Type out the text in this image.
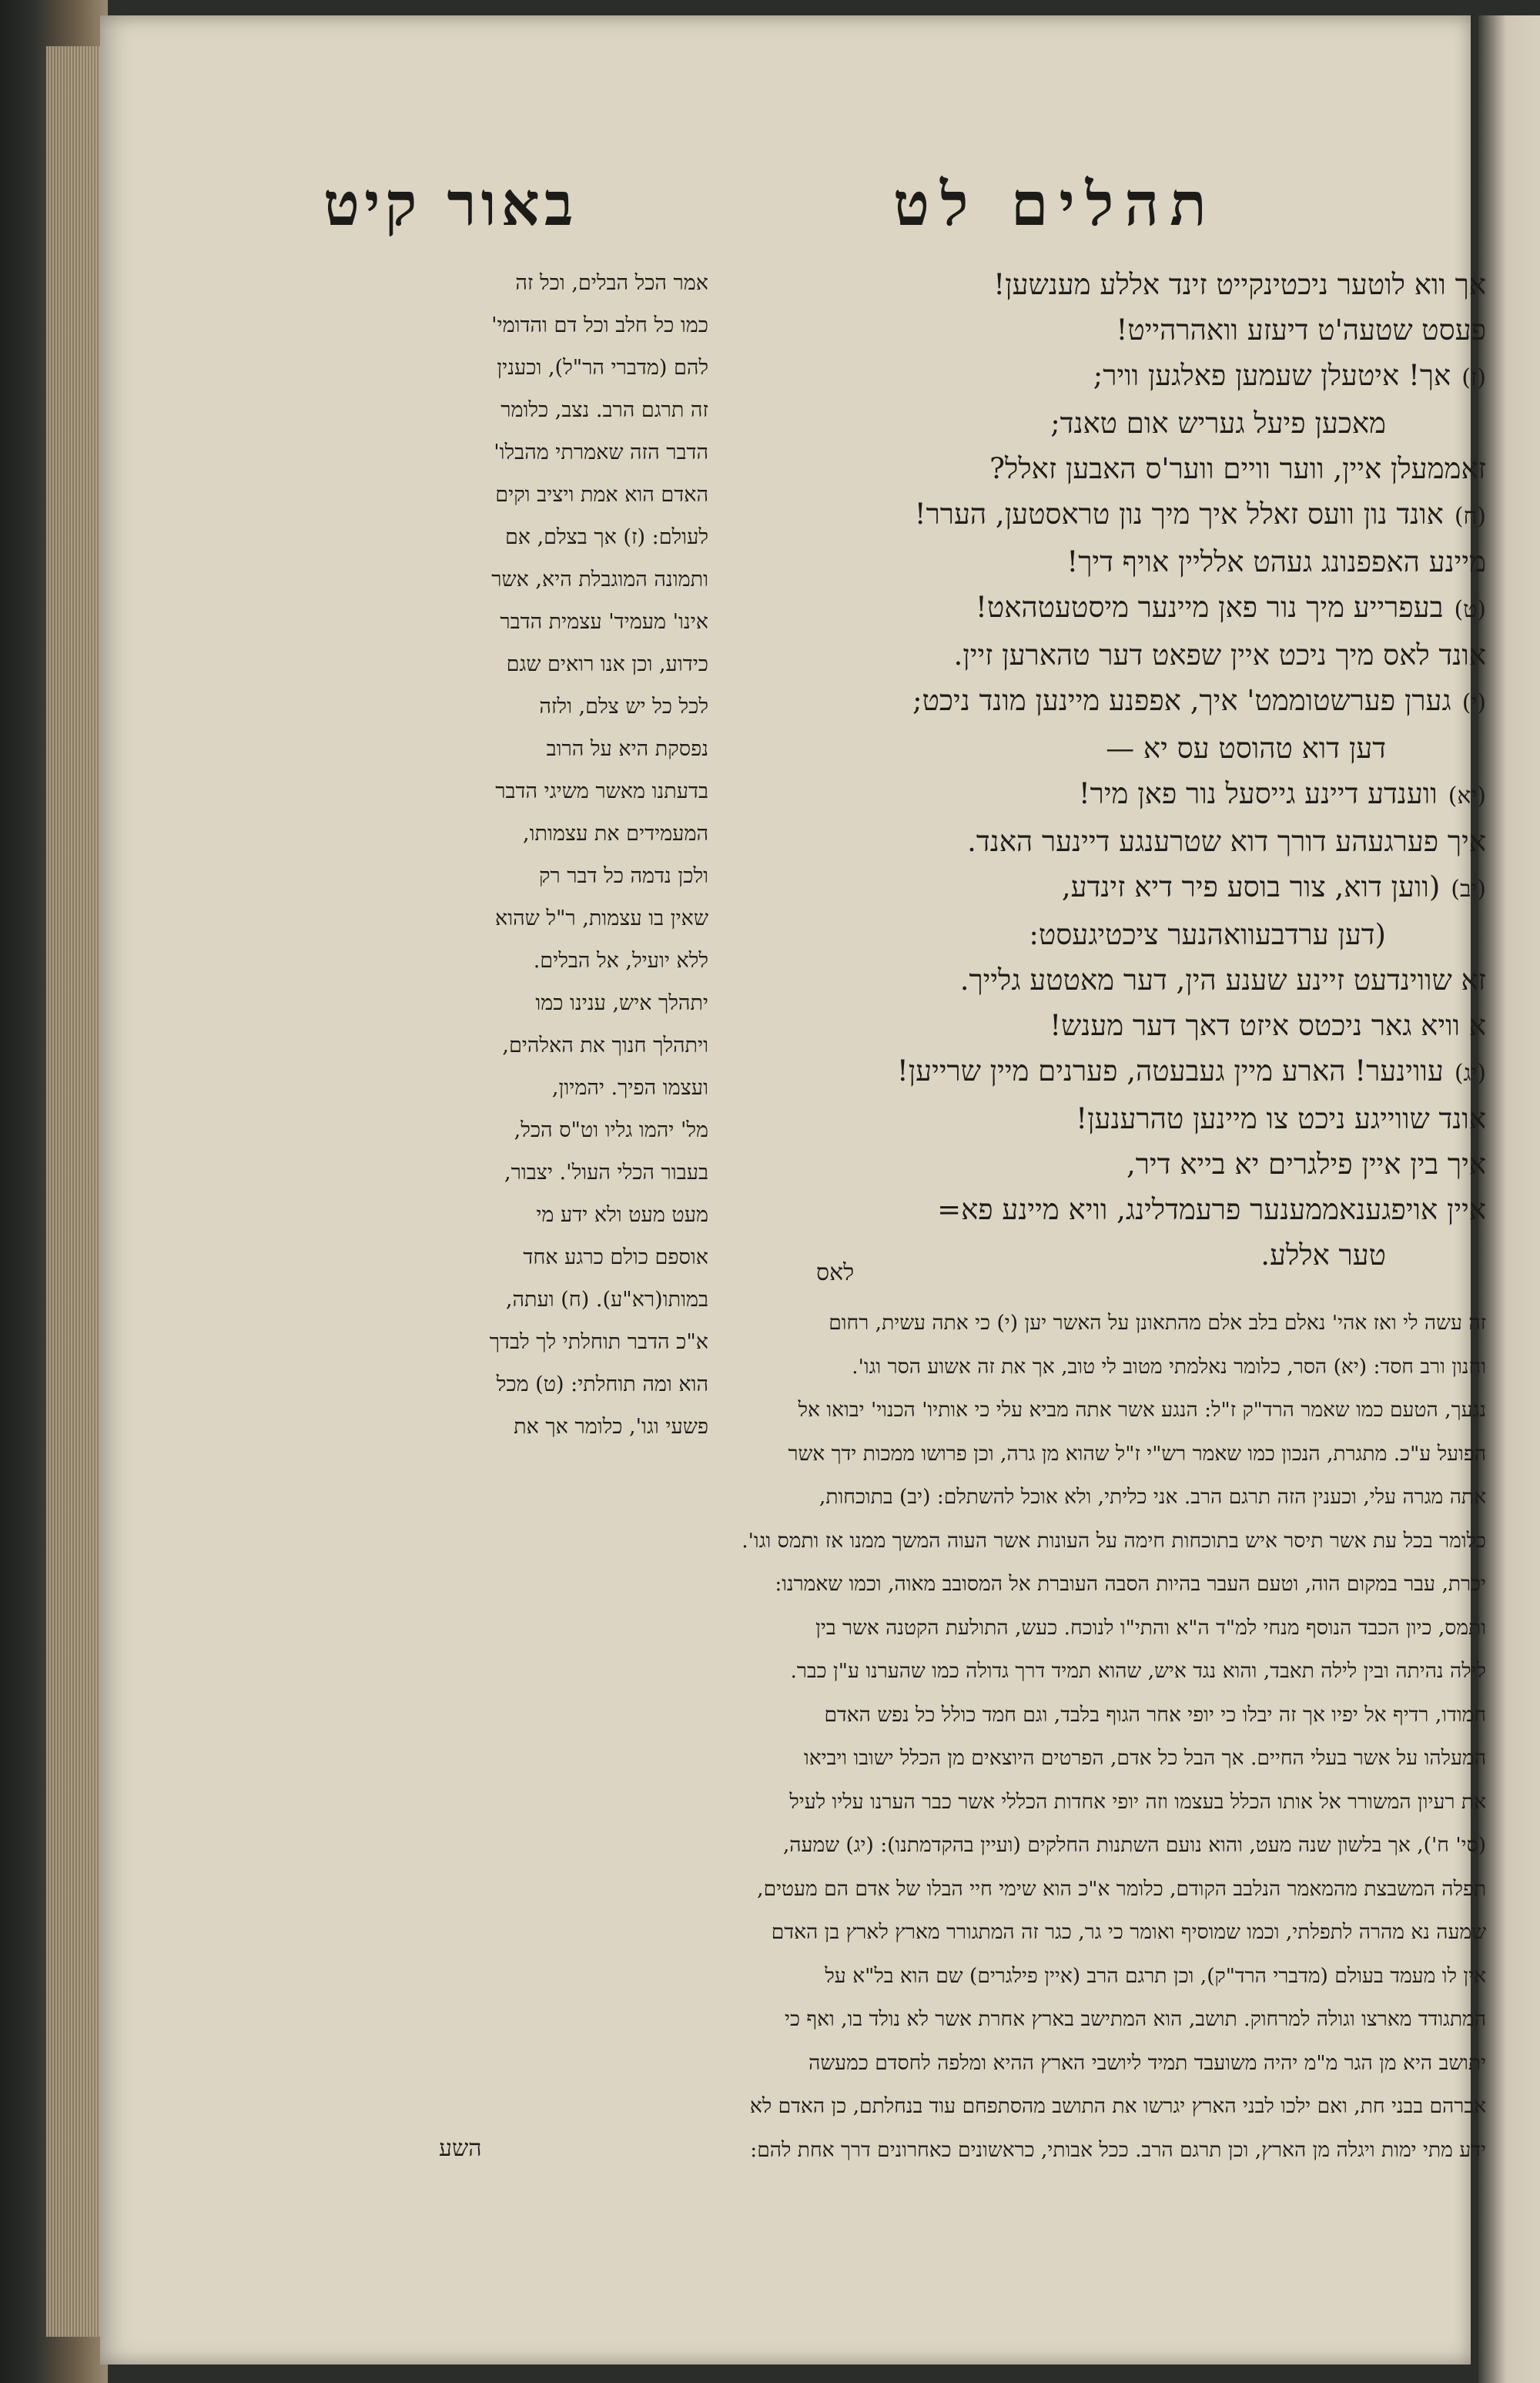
באור קיט	תהלים לט
אך ווא לוטער ניכטינקייט זינד אללע מענשען!
פעסט שטעה'ט דיעזע וואהרהייט!
(ז)אך! איטעלן שעמען פאלגען וויר;
מאכען פיעל געריש אום טאנד;
זאממעלן איין, ווער וויים ווער'ס האבען זאלל?
(ח)אונד נון וועס זאלל איך מיך נון טראסטען, הערר!
מיינע האפפנונג געהט אלליין אויף דיך!
(ט)בעפרייע מיך נור פאן מיינער מיסטעטהאט!
אונד לאס מיך ניכט איין שפאט דער טהארען זיין.
(י)גערן פערשטוממט' איך, אפפנע מיינען מונד ניכט;
דען דוא טהוסט עס יא —
(יא)ווענדע דיינע גייסעל נור פאן מיר!
איך פערגעהע דורך דוא שטרענגע דיינער האנד.
(יב)(ווען דוא, צור בוסע פיר דיא זינדע,
(דען ערדבעוואהנער ציכטיגעסט:
זא שווינדעט זיינע שענע הין, דער מאטטע גלייך.
א וויא גאר ניכטס איזט דאך דער מענש!
(יג)עווינער! הארע מיין געבעטה, פערנים מיין שרייען!
אונד שווייגע ניכט צו מיינען טהרענען!
איך בין איין פילגרים יא בייא דיר,
איין אויפגענאממענער פרעמדלינג, וויא מיינע פא=
טער אללע.
לאס
אמר הכל הבלים, וכל זה
כמו כל חלב וכל דם והדומי'
להם (מדברי הר"ל), וכענין
זה תרגם הרב. נצב, כלומר
הדבר הזה שאמרתי מהבלו'
האדם הוא אמת ויציב וקים
לעולם: (ז) אך בצלם, אם
ותמונה המוגבלת היא, אשר
אינו' מעמיד' עצמית הדבר
כידוע, וכן אנו רואים שגם
לכל כל יש צלם, ולזה
נפסקת היא על הרוב
בדעתנו מאשר משיגי הדבר
המעמידים את עצמותו,
ולכן נדמה כל דבר רק
שאין בו עצמות, ר"ל שהוא
ללא יועיל, אל הבלים.
יתהלך איש, ענינו כמו
ויתהלך חנוך את האלהים,
ועצמו הפיך. יהמיון,
מל' יהמו גליו וט"ס הכל,
בעבור הכלי העול'. יצבור,
מעט מעט ולא ידע מי
אוספם כולם כרגע אחד
במותו(רא"ע). (ח) ועתה,
א"כ הדבר תוחלתי לך לבדך
הוא ומה תוחלתי: (ט) מכל
פשעי וגו', כלומר אך את
זה עשה לי ואז אהי' נאלם בלב אלם מהתאונן על האשר יען (י) כי אתה עשית, רחום
וחנון ורב חסד: (יא) הסר, כלומר נאלמתי מטוב לי טוב, אך את זה אשוע הסר וגו'.
נגעך, הטעם כמו שאמר הרד"ק ז"ל: הנגע אשר אתה מביא עלי כי אותיו' הכנוי' יבואו אל
הפועל ע"כ. מתגרת, הנכון כמו שאמר רש"י ז"ל שהוא מן גרה, וכן פרושו ממכות ידך אשר
אתה מגרה עלי, וכענין הזה תרגם הרב. אני כליתי, ולא אוכל להשתלם: (יב) בתוכחות,
כלומר בכל עת אשר תיסר איש בתוכחות חימה על העונות אשר העוה המשך ממנו אז ותמס וגו'.
יכרת, עבר במקום הוה, וטעם העבר בהיות הסבה העוברת אל המסובב מאוה, וכמו שאמרנו:
ותמס, כיון הכבד הנוסף מנחי למ"ד ה"א והתי"ו לנוכח. כעש, התולעת הקטנה אשר בין
לילה נהיתה ובין לילה תאבד, והוא נגד איש, שהוא תמיד דרך גדולה כמו שהערנו ע"ן כבר.
חמודו, רדיף אל יפיו אך זה יבלו כי יופי אחר הגוף בלבד, וגם חמד כולל כל נפש האדם
המעלהו על אשר בעלי החיים. אך הבל כל אדם, הפרטים היוצאים מן הכלל ישובו ויביאו
את רעיון המשורר אל אותו הכלל בעצמו וזה יופי אחדות הכללי אשר כבר הערנו עליו לעיל
(סי' ח'), אך בלשון שנה מעט, והוא נועם השתנות החלקים (ועיין בהקדמתנו): (יג) שמעה,
תפלה המשבצת מהמאמר הנלבב הקודם, כלומר א"כ הוא שימי חיי הבלו של אדם הם מעטים,
שמעה נא מהרה לתפלתי, וכמו שמוסיף ואומר כי גר, כגר זה המתגורר מארץ לארץ בן האדם
אין לו מעמד בעולם (מדברי הרד"ק), וכן תרגם הרב (איין פילגרים) שם הוא בל"א על
המתגודד מארצו וגולה למרחוק. תושב, הוא המתישב בארץ אחרת אשר לא נולד בו, ואף כי
יתושב היא מן הגר מ"מ יהיה משועבד תמיד ליושבי הארץ ההיא ומלפה לחסדם כמעשה
אברהם בבני חת, ואם ילכו לבני הארץ יגרשו את התושב מהסתפחם עוד בנחלתם, כן האדם לא
ידע מתי ימות ויגלה מן הארץ, וכן תרגם הרב. ככל אבותי, כראשונים כאחרונים דרך אחת להם:
השע
